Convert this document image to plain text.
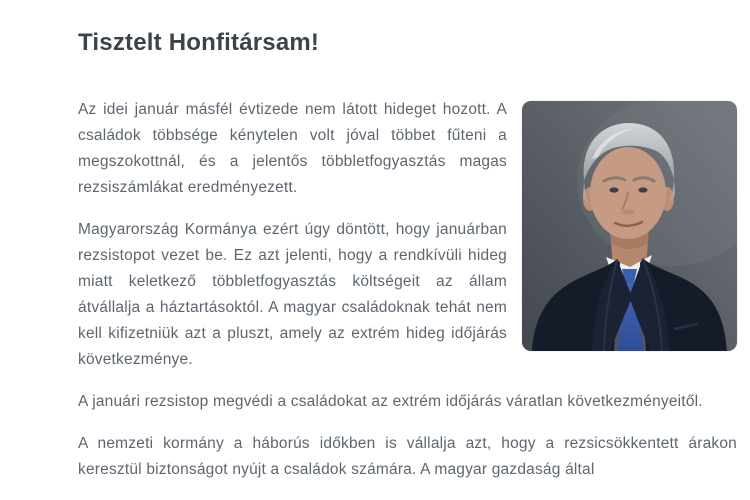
Tisztelt Honfitársam!

Az idei január másfél évtizede nem látott hideget hozott. A családok többsége kénytelen volt jóval többet fűteni a megszokottnál, és a jelentős többletfogyasztás magas rezsiszámlákat eredményezett.

Magyarország Kormánya ezért úgy döntött, hogy januárban rezsistopot vezet be. Ez azt jelenti, hogy a rendkívüli hideg miatt keletkező többletfogyasztás költségeit az állam átvállalja a háztartásoktól. A magyar családoknak tehát nem kell kifizetniük azt a pluszt, amely az extrém hideg időjárás következménye.

A januári rezsistop megvédi a családokat az extrém időjárás váratlan következményeitől.

A nemzeti kormány a háborús időkben is vállalja azt, hogy a rezsicsökkentett árakon keresztül biztonságot nyújt a családok számára. A magyar gazdaság által
